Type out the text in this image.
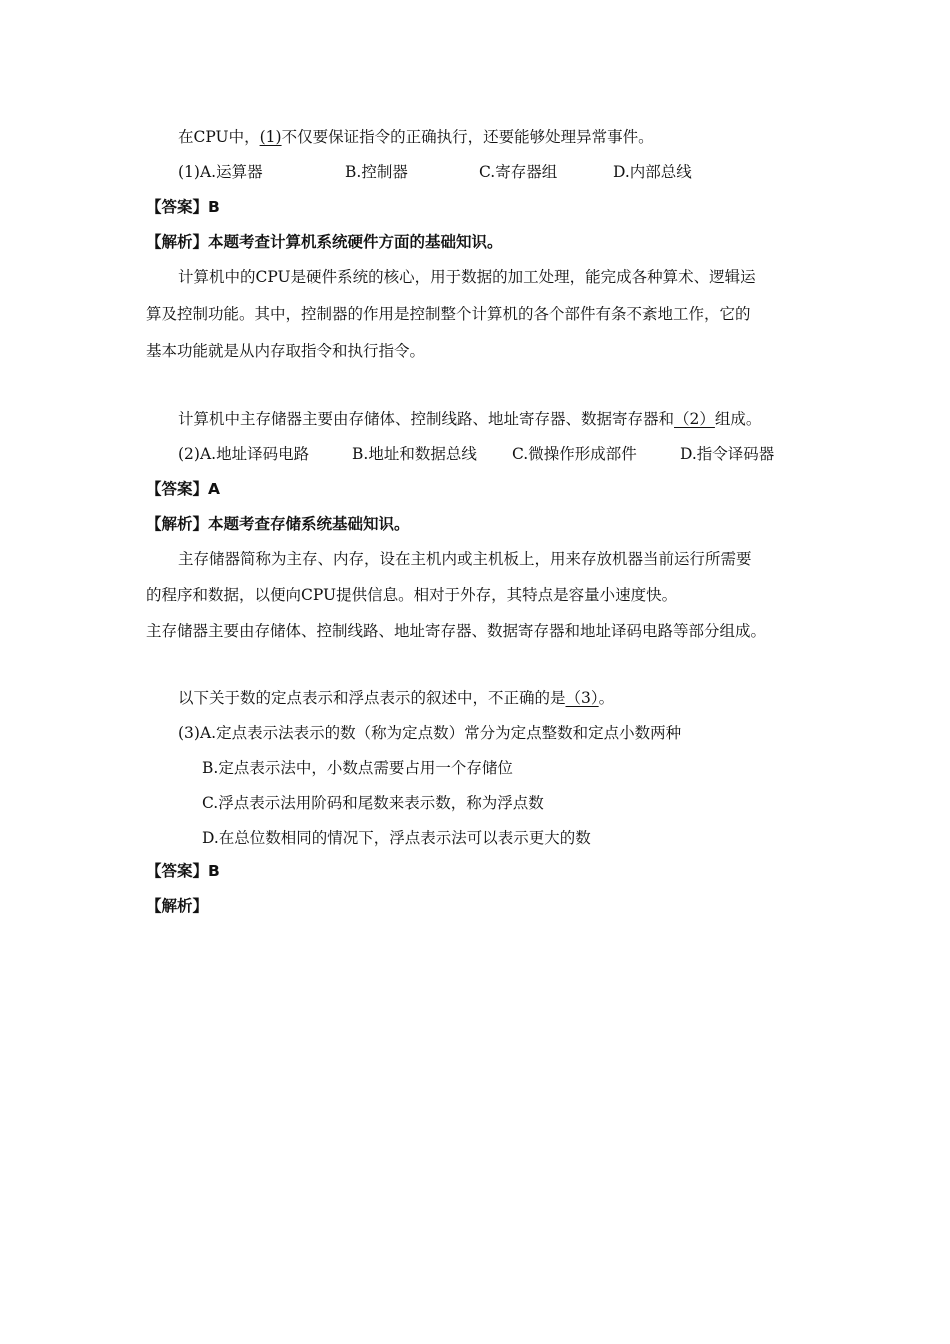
在CPU中，(1)不仅要保证指令的正确执行，还要能够处理异常事件。
(1)A.运算器	B.控制器	C.寄存器组	D.内部总线
【答案】B
【解析】本题考查计算机系统硬件方面的基础知识。
计算机中的CPU是硬件系统的核心，用于数据的加工处理，能完成各种算术、逻辑运
算及控制功能。其中，控制器的作用是控制整个计算机的各个部件有条不紊地工作，它的
基本功能就是从内存取指令和执行指令。
计算机中主存储器主要由存储体、控制线路、地址寄存器、数据寄存器和（2）组成。
(2)A.地址译码电路	B.地址和数据总线 C.微操作形成部件	D.指令译码器
【答案】A
【解析】本题考查存储系统基础知识。
主存储器简称为主存、内存，设在主机内或主机板上，用来存放机器当前运行所需要
的程序和数据，以便向CPU提供信息。相对于外存，其特点是容量小速度快。
主存储器主要由存储体、控制线路、地址寄存器、数据寄存器和地址译码电路等部分组成。
以下关于数的定点表示和浮点表示的叙述中，不正确的是（3）。
(3)A.定点表示法表示的数（称为定点数）常分为定点整数和定点小数两种
B.定点表示法中，小数点需要占用一个存储位
C.浮点表示法用阶码和尾数来表示数，称为浮点数
D.在总位数相同的情况下，浮点表示法可以表示更大的数
【答案】B
【解析】
